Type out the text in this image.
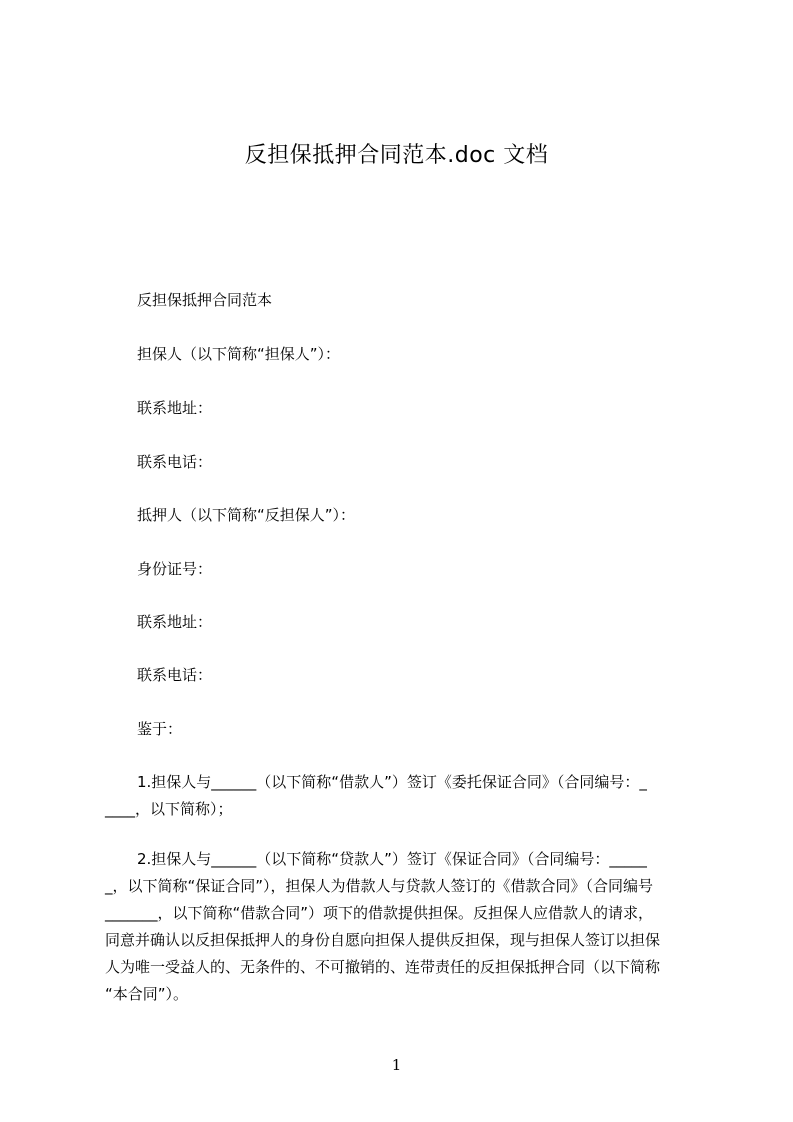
反担保抵押合同范本.doc 文档
反担保抵押合同范本
担保人（以下简称“担保人”）：
联系地址：
联系电话：
抵押人（以下简称“反担保人”）：
身份证号：
联系地址：
联系电话：
鉴于：
1.担保人与______（以下简称“借款人”）签订《委托保证合同》（合同编号：_
____，以下简称）；
2.担保人与______（以下简称“贷款人”）签订《保证合同》（合同编号：_____
_，以下简称“保证合同”），担保人为借款人与贷款人签订的《借款合同》（合同编号
_______，以下简称“借款合同”）项下的借款提供担保。反担保人应借款人的请求，
同意并确认以反担保抵押人的身份自愿向担保人提供反担保，现与担保人签订以担保
人为唯一受益人的、无条件的、不可撤销的、连带责任的反担保抵押合同（以下简称
“本合同”）。
1
